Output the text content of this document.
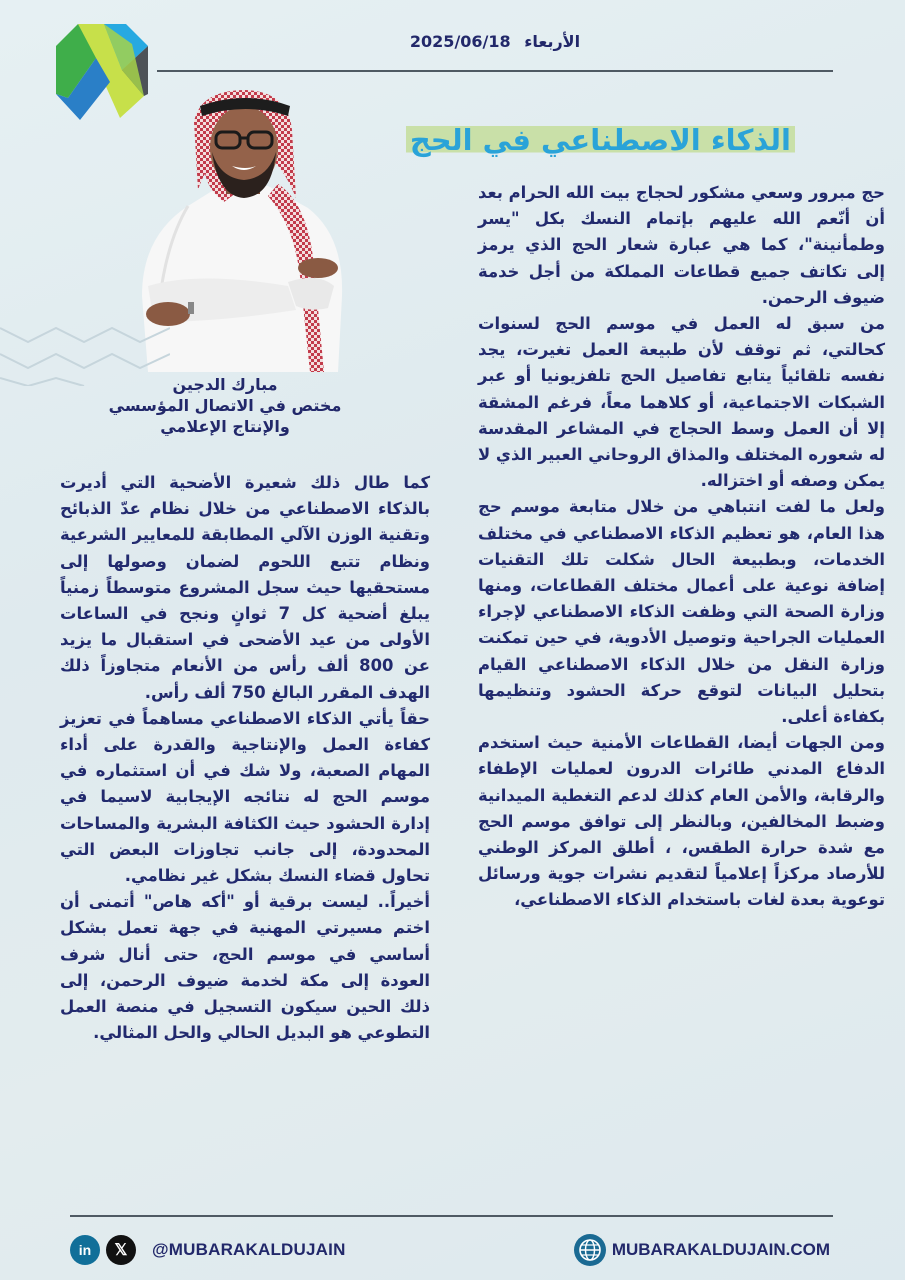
الأربعاء 2025/06/18
الذكاء الاصطناعي في الحج
مبارك الدجين
مختص في الاتصال المؤسسي
والإنتاج الإعلامي

حج مبرور وسعي مشكور لحجاج بيت الله الحرام بعد أن أنّعم الله عليهم بإتمام النسك بكل "يسر وطمأنينة"، كما هي عبارة شعار الحج الذي يرمز إلى تكاتف جميع قطاعات المملكة من أجل خدمة ضيوف الرحمن.

من سبق له العمل في موسم الحج لسنوات كحالتي، ثم توقف لأن طبيعة العمل تغيرت، يجد نفسه تلقائياً يتابع تفاصيل الحج تلفزيونيا أو عبر الشبكات الاجتماعية، أو كلاهما معاً، فرغم المشقة إلا أن العمل وسط الحجاج في المشاعر المقدسة له شعوره المختلف والمذاق الروحاني العبير الذي لا يمكن وصفه أو اختزاله.

ولعل ما لفت انتباهي من خلال متابعة موسم حج هذا العام، هو تعظيم الذكاء الاصطناعي في مختلف الخدمات، وبطبيعة الحال شكلت تلك التقنيات إضافة نوعية على أعمال مختلف القطاعات، ومنها وزارة الصحة التي وظفت الذكاء الاصطناعي لإجراء العمليات الجراحية وتوصيل الأدوية، في حين تمكنت وزارة النقل من خلال الذكاء الاصطناعي القيام بتحليل البيانات لتوقع حركة الحشود وتنظيمها بكفاءة أعلى.

ومن الجهات أيضا، القطاعات الأمنية حيث استخدم الدفاع المدني طائرات الدرون لعمليات الإطفاء والرقابة، والأمن العام كذلك لدعم التغطية الميدانية وضبط المخالفين، وبالنظر إلى توافق موسم الحج مع شدة حرارة الطقس، ، أطلق المركز الوطني للأرصاد مركزاً إعلامياً لتقديم نشرات جوية ورسائل توعوية بعدة لغات باستخدام الذكاء الاصطناعي،

كما طال ذلك شعيرة الأضحية التي أديرت بالذكاء الاصطناعي من خلال نظام عدّ الذبائح وتقنية الوزن الآلي المطابقة للمعايير الشرعية ونظام تتبع اللحوم لضمان وصولها إلى مستحقيها حيث سجل المشروع متوسطاً زمنياً يبلغ أضحية كل 7 ثوانٍ ونجح في الساعات الأولى من عيد الأضحى في استقبال ما يزيد عن 800 ألف رأس من الأنعام متجاوزاً ذلك الهدف المقرر البالغ 750 ألف رأس.

حقاً يأتي الذكاء الاصطناعي مساهماً في تعزيز كفاءة العمل والإنتاجية والقدرة على أداء المهام الصعبة، ولا شك في أن استثماره في موسم الحج له نتائجه الإيجابية لاسيما في إدارة الحشود حيث الكثافة البشرية والمساحات المحدودة، إلى جانب تجاوزات البعض التي تحاول قضاء النسك بشكل غير نظامي.

أخيراً.. ليست برقية أو "أكه هاص" أتمنى أن اختم مسيرتي المهنية في جهة تعمل بشكل أساسي في موسم الحج، حتى أنال شرف العودة إلى مكة لخدمة ضيوف الرحمن، إلى ذلك الحين سيكون التسجيل في منصة العمل التطوعي هو البديل الحالي والحل المثالي.

in	𝕏	@MUBARAKALDUJAIN	MUBARAKALDUJAIN.COM
